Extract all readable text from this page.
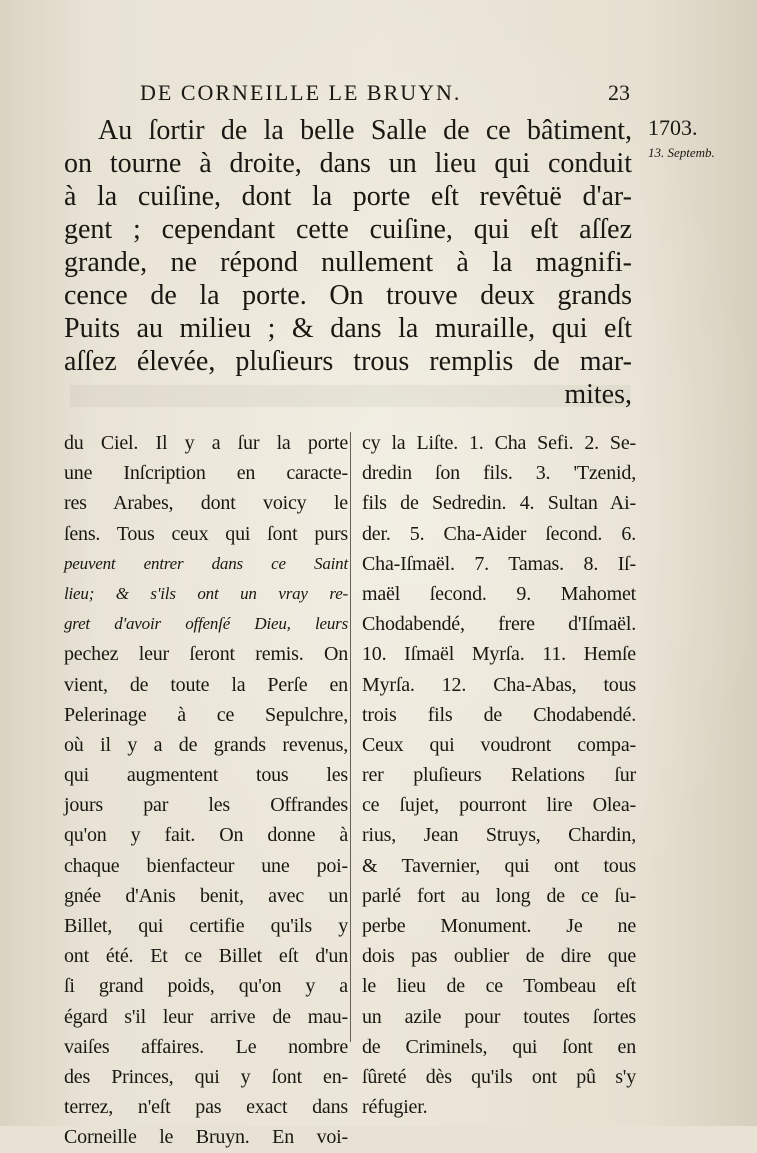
DE CORNEILLE LE BRUYN.	23
1703.
13. Septemb.
Au ſortir de la belle Salle de ce bâtiment,
on tourne à droite, dans un lieu qui conduit
à la cuiſine, dont la porte eſt revêtuë d'ar-
gent ; cependant cette cuiſine, qui eſt aſſez
grande, ne répond nullement à la magnifi-
cence de la porte. On trouve deux grands
Puits au milieu ; & dans la muraille, qui eſt
aſſez élevée, pluſieurs trous remplis de mar-
mites,
du Ciel. Il y a ſur la porte
une Inſcription en caracte-
res Arabes, dont voicy le
ſens. Tous ceux qui ſont purs
peuvent entrer dans ce Saint
lieu; & s'ils ont un vray re-
gret d'avoir offenſé Dieu, leurs
pechez leur ſeront remis. On
vient, de toute la Perſe en
Pelerinage à ce Sepulchre,
où il y a de grands revenus,
qui augmentent tous les
jours par les Offrandes
qu'on y fait. On donne à
chaque bienfacteur une poi-
gnée d'Anis benit, avec un
Billet, qui certifie qu'ils y
ont été. Et ce Billet eſt d'un
ſi grand poids, qu'on y a
égard s'il leur arrive de mau-
vaiſes affaires. Le nombre
des Princes, qui y ſont en-
terrez, n'eſt pas exact dans
Corneille le Bruyn. En voi-
cy la Liſte. 1. Cha Sefi. 2. Se-
dredin ſon fils. 3. 'Tzenid,
fils de Sedredin. 4. Sultan Ai-
der. 5. Cha-Aider ſecond. 6.
Cha-Iſmaël. 7. Tamas. 8. Iſ-
maël ſecond. 9. Mahomet
Chodabendé, frere d'Iſmaël.
10. Iſmaël Myrſa. 11. Hemſe
Myrſa. 12. Cha-Abas, tous
trois fils de Chodabendé.
Ceux qui voudront compa-
rer pluſieurs Relations ſur
ce ſujet, pourront lire Olea-
rius, Jean Struys, Chardin,
& Tavernier, qui ont tous
parlé fort au long de ce ſu-
perbe Monument. Je ne
dois pas oublier de dire que
le lieu de ce Tombeau eſt
un azile pour toutes ſortes
de Criminels, qui ſont en
ſûreté dès qu'ils ont pû s'y
réfugier.
